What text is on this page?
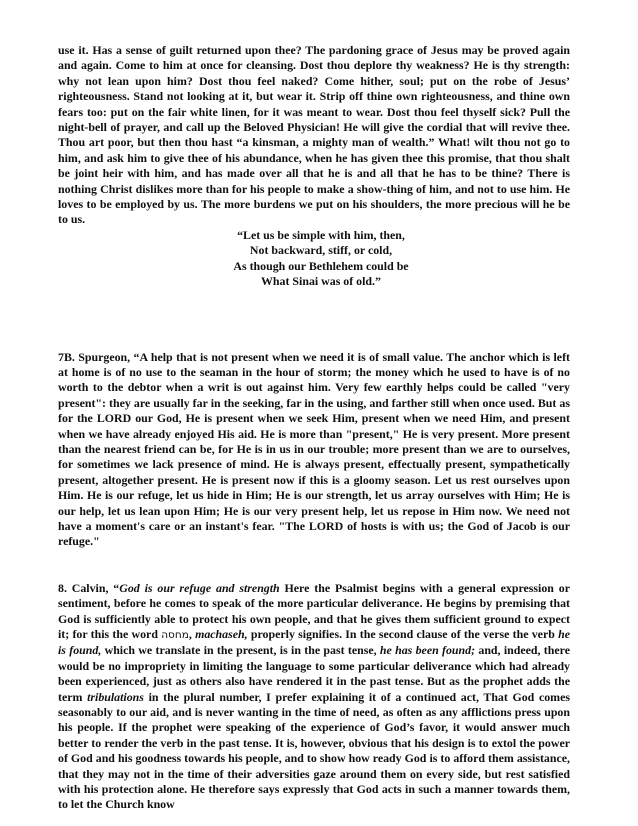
use it. Has a sense of guilt returned upon thee? The pardoning grace of Jesus may be proved again and again. Come to him at once for cleansing. Dost thou deplore thy weakness? He is thy strength: why not lean upon him? Dost thou feel naked? Come hither, soul; put on the robe of Jesus’ righteousness. Stand not looking at it, but wear it. Strip off thine own righteousness, and thine own fears too: put on the fair white linen, for it was meant to wear. Dost thou feel thyself sick? Pull the night-bell of prayer, and call up the Beloved Physician! He will give the cordial that will revive thee. Thou art poor, but then thou hast “a kinsman, a mighty man of wealth.” What! wilt thou not go to him, and ask him to give thee of his abundance, when he has given thee this promise, that thou shalt be joint heir with him, and has made over all that he is and all that he has to be thine? There is nothing Christ dislikes more than for his people to make a show-thing of him, and not to use him. He loves to be employed by us. The more burdens we put on his shoulders, the more precious will he be to us.

“Let us be simple with him, then,
Not backward, stiff, or cold,
As though our Bethlehem could be
What Sinai was of old.”

7B. Spurgeon, “A help that is not present when we need it is of small value. The anchor which is left at home is of no use to the seaman in the hour of storm; the money which he used to have is of no worth to the debtor when a writ is out against him. Very few earthly helps could be called "very present": they are usually far in the seeking, far in the using, and farther still when once used. But as for the LORD our God, He is present when we seek Him, present when we need Him, and present when we have already enjoyed His aid. He is more than "present," He is very present. More present than the nearest friend can be, for He is in us in our trouble; more present than we are to ourselves, for sometimes we lack presence of mind. He is always present, effectually present, sympathetically present, altogether present. He is present now if this is a gloomy season. Let us rest ourselves upon Him. He is our refuge, let us hide in Him; He is our strength, let us array ourselves with Him; He is our help, let us lean upon Him; He is our very present help, let us repose in Him now. We need not have a moment's care or an instant's fear. "The LORD of hosts is with us; the God of Jacob is our refuge."

8. Calvin, “God is our refuge and strength Here the Psalmist begins with a general expression or sentiment, before he comes to speak of the more particular deliverance. He begins by premising that God is sufficiently able to protect his own people, and that he gives them sufficient ground to expect it; for this the word מחסה, machaseh, properly signifies. In the second clause of the verse the verb he is found, which we translate in the present, is in the past tense, he has been found; and, indeed, there would be no impropriety in limiting the language to some particular deliverance which had already been experienced, just as others also have rendered it in the past tense. But as the prophet adds the term tribulations in the plural number, I prefer explaining it of a continued act, That God comes seasonably to our aid, and is never wanting in the time of need, as often as any afflictions press upon his people. If the prophet were speaking of the experience of God’s favor, it would answer much better to render the verb in the past tense. It is, however, obvious that his design is to extol the power of God and his goodness towards his people, and to show how ready God is to afford them assistance, that they may not in the time of their adversities gaze around them on every side, but rest satisfied with his protection alone. He therefore says expressly that God acts in such a manner towards them, to let the Church know
